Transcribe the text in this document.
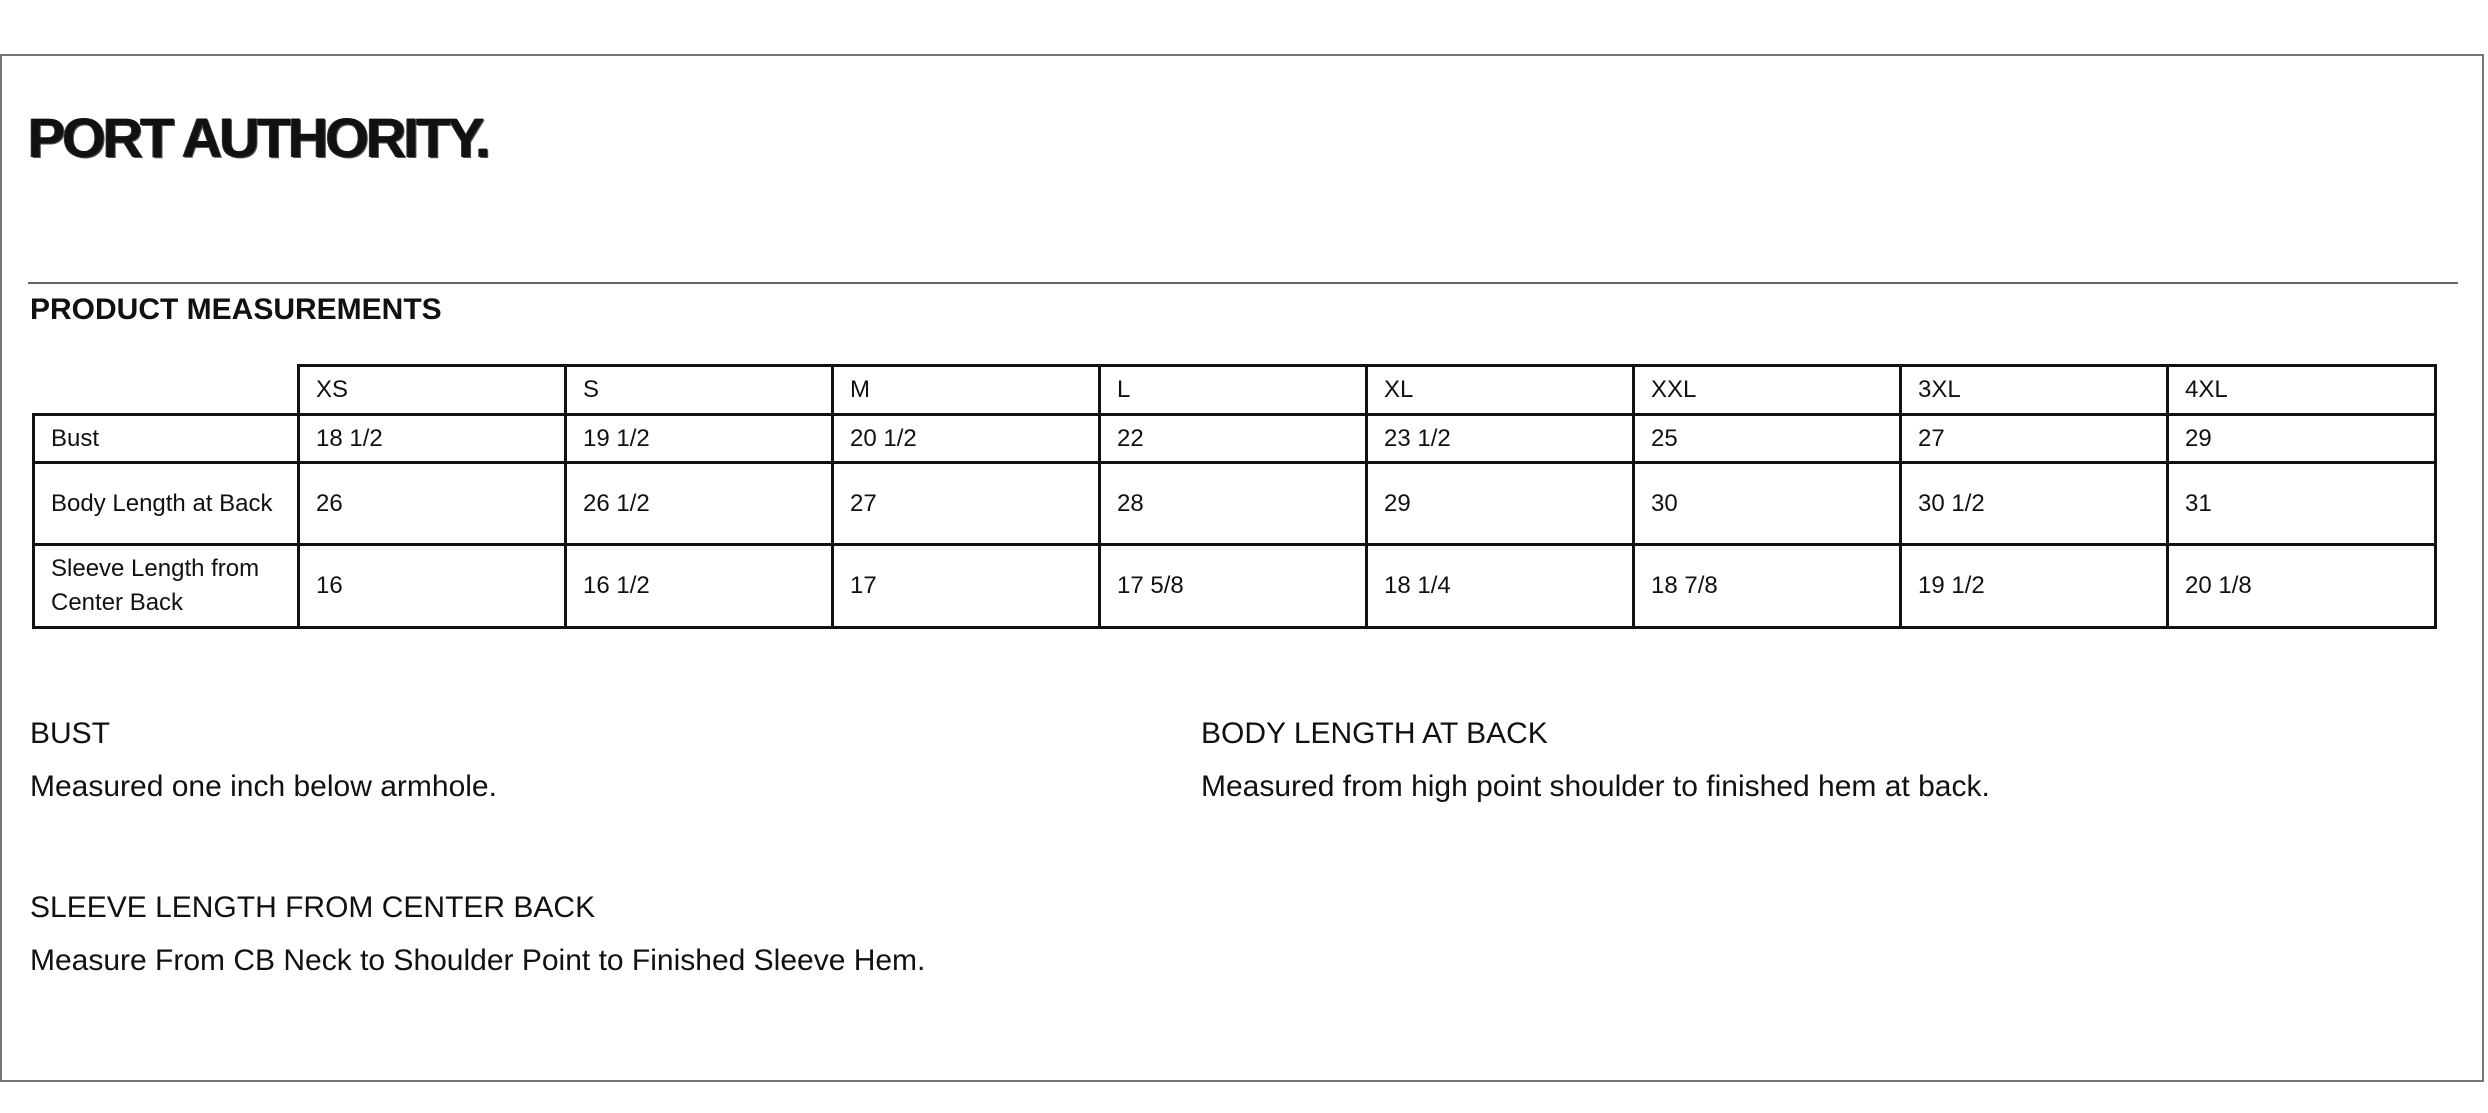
PORT AUTHORITY.
PRODUCT MEASUREMENTS
	XS	S	M	L	XL	XXL	3XL	4XL
Bust	18 1/2	19 1/2	20 1/2	22	23 1/2	25	27	29
Body Length at Back	26	26 1/2	27	28	29	30	30 1/2	31
Sleeve Length from Center Back	16	16 1/2	17	17 5/8	18 1/4	18 7/8	19 1/2	20 1/8

BUST

Measured one inch below armhole.

BODY LENGTH AT BACK

Measured from high point shoulder to finished hem at back.

SLEEVE LENGTH FROM CENTER BACK

Measure From CB Neck to Shoulder Point to Finished Sleeve Hem.
